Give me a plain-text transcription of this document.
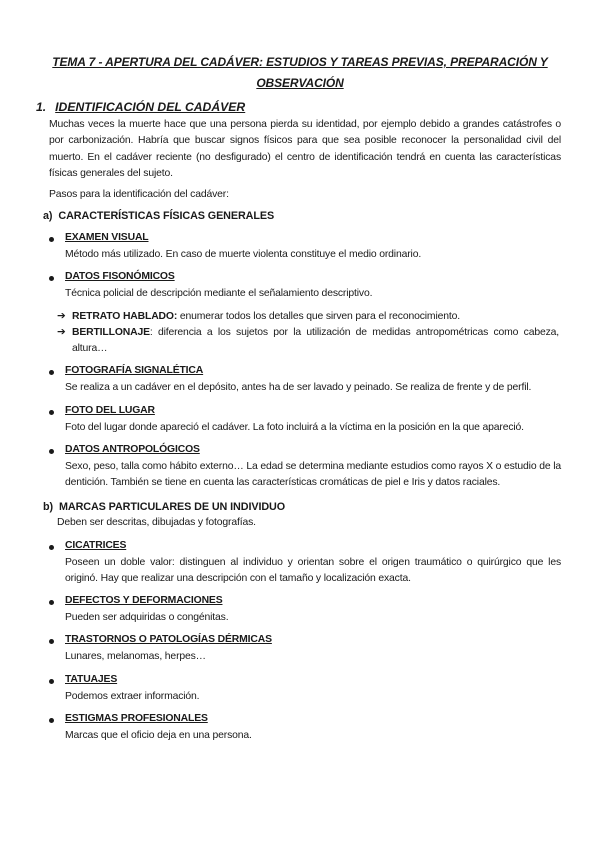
TEMA 7 - APERTURA DEL CADÁVER: ESTUDIOS Y TAREAS PREVIAS, PREPARACIÓN Y OBSERVACIÓN
1. IDENTIFICACIÓN DEL CADÁVER
Muchas veces la muerte hace que una persona pierda su identidad, por ejemplo debido a grandes catástrofes o por carbonización. Habría que buscar signos físicos para que sea posible reconocer la personalidad civil del muerto. En el cadáver reciente (no desfigurado) el centro de identificación tendrá en cuenta las características físicas generales del sujeto.
Pasos para la identificación del cadáver:
a) CARACTERÍSTICAS FÍSICAS GENERALES
EXAMEN VISUAL
Método más utilizado. En caso de muerte violenta constituye el medio ordinario.
DATOS FISONÓMICOS
Técnica policial de descripción mediante el señalamiento descriptivo.
➔ RETRATO HABLADO: enumerar todos los detalles que sirven para el reconocimiento.
➔ BERTILLONAJE: diferencia a los sujetos por la utilización de medidas antropométricas como cabeza, altura…
FOTOGRAFÍA SIGNALÉTICA
Se realiza a un cadáver en el depósito, antes ha de ser lavado y peinado. Se realiza de frente y de perfil.
FOTO DEL LUGAR
Foto del lugar donde apareció el cadáver. La foto incluirá a la víctima en la posición en la que apareció.
DATOS ANTROPOLÓGICOS
Sexo, peso, talla como hábito externo… La edad se determina mediante estudios como rayos X o estudio de la dentición. También se tiene en cuenta las características cromáticas de piel e Iris y datos raciales.
b) MARCAS PARTICULARES DE UN INDIVIDUO
Deben ser descritas, dibujadas y fotografías.
CICATRICES
Poseen un doble valor: distinguen al individuo y orientan sobre el origen traumático o quirúrgico que les originó. Hay que realizar una descripción con el tamaño y localización exacta.
DEFECTOS Y DEFORMACIONES
Pueden ser adquiridas o congénitas.
TRASTORNOS O PATOLOGÍAS DÉRMICAS
Lunares, melanomas, herpes…
TATUAJES
Podemos extraer información.
ESTIGMAS PROFESIONALES
Marcas que el oficio deja en una persona.
